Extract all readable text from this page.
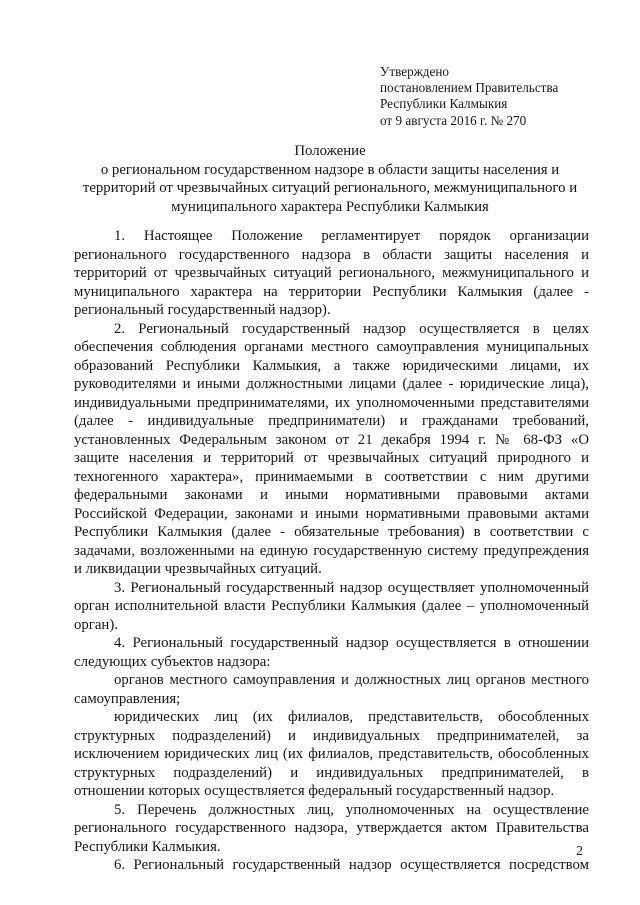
Утверждено
постановлением Правительства
Республики Калмыкия
от 9 августа 2016 г. № 270
Положение
о региональном государственном надзоре в области защиты населения и
территорий от чрезвычайных ситуаций регионального, межмуниципального и
муниципального характера Республики Калмыкия
1. Настоящее Положение регламентирует порядок организации
регионального государственного надзора в области защиты населения и
территорий от чрезвычайных ситуаций регионального, межмуниципального и
муниципального характера на территории Республики Калмыкия (далее -
региональный государственный надзор).
2. Региональный государственный надзор осуществляется в целях
обеспечения соблюдения органами местного самоуправления муниципальных
образований Республики Калмыкия, а также юридическими лицами, их
руководителями и иными должностными лицами (далее - юридические лица),
индивидуальными предпринимателями, их уполномоченными представителями
(далее - индивидуальные предприниматели) и гражданами требований,
установленных Федеральным законом от 21 декабря 1994 г. № 68-ФЗ «О
защите населения и территорий от чрезвычайных ситуаций природного и
техногенного характера», принимаемыми в соответствии с ним другими
федеральными законами и иными нормативными правовыми актами
Российской Федерации, законами и иными нормативными правовыми актами
Республики Калмыкия (далее - обязательные требования) в соответствии с
задачами, возложенными на единую государственную систему предупреждения
и ликвидации чрезвычайных ситуаций.
3. Региональный государственный надзор осуществляет уполномоченный
орган исполнительной власти Республики Калмыкия (далее – уполномоченный
орган).
4. Региональный государственный надзор осуществляется в отношении
следующих субъектов надзора:
органов местного самоуправления и должностных лиц органов местного
самоуправления;
юридических лиц (их филиалов, представительств, обособленных
структурных подразделений) и индивидуальных предпринимателей, за
исключением юридических лиц (их филиалов, представительств, обособленных
структурных подразделений) и индивидуальных предпринимателей, в
отношении которых осуществляется федеральный государственный надзор.
5. Перечень должностных лиц, уполномоченных на осуществление
регионального государственного надзора, утверждается актом Правительства
Республики Калмыкия.
6. Региональный государственный надзор осуществляется посредством
2
